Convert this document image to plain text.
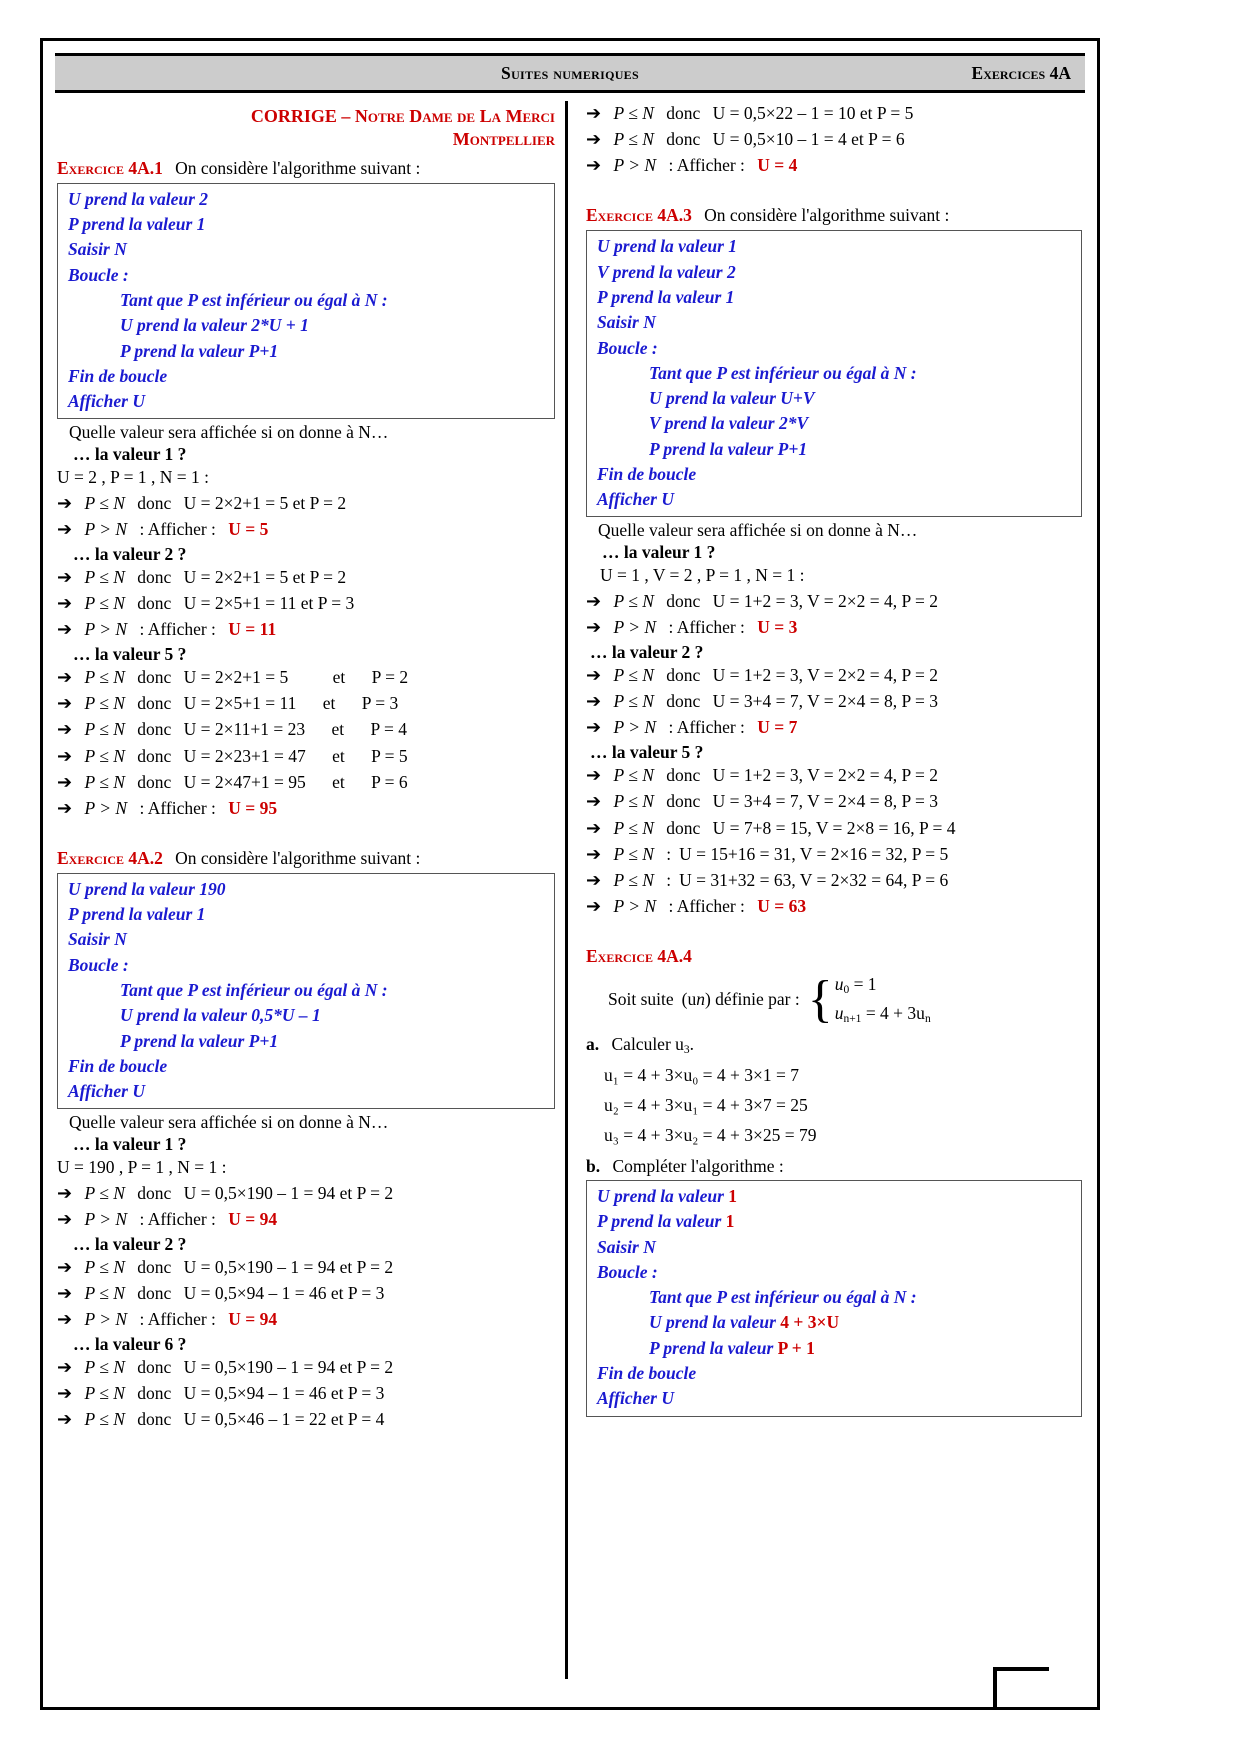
Suites numeriques	Exercices 4A
CORRIGE – Notre Dame de La Merci
Montpellier
Exercice 4A.1 On considère l'algorithme suivant :
U prend la valeur 2
P prend la valeur 1
Saisir N
Boucle :
Tant que P est inférieur ou égal à N :
U prend la valeur 2*U + 1
P prend la valeur P+1
Fin de boucle
Afficher U
Quelle valeur sera affichée si on donne à N…
… la valeur 1 ?
U = 2 , P = 1 , N = 1 :
➔ P ≤ N donc U = 2×2+1 = 5 et P = 2
➔ P > N : Afficher : U = 5
… la valeur 2 ?
➔ P ≤ N donc U = 2×2+1 = 5 et P = 2
➔ P ≤ N donc U = 2×5+1 = 11 et P = 3
➔ P > N : Afficher : U = 11
… la valeur 5 ?
➔ P ≤ N donc U = 2×2+1 = 5	et P = 2
➔ P ≤ N donc U = 2×5+1 = 11 et P = 3
➔ P ≤ N donc U = 2×11+1 = 23 et P = 4
➔ P ≤ N donc U = 2×23+1 = 47 et P = 5
➔ P ≤ N donc U = 2×47+1 = 95 et P = 6
➔ P > N : Afficher : U = 95
Exercice 4A.2 On considère l'algorithme suivant :
U prend la valeur 190
P prend la valeur 1
Saisir N
Boucle :
Tant que P est inférieur ou égal à N :
U prend la valeur 0,5*U – 1
P prend la valeur P+1
Fin de boucle
Afficher U
Quelle valeur sera affichée si on donne à N…
… la valeur 1 ?
U = 190 , P = 1 , N = 1 :
➔ P ≤ N donc U = 0,5×190 – 1 = 94 et P = 2
➔ P > N : Afficher : U = 94
… la valeur 2 ?
➔ P ≤ N donc U = 0,5×190 – 1 = 94 et P = 2
➔ P ≤ N donc U = 0,5×94 – 1 = 46 et P = 3
➔ P > N : Afficher : U = 94
… la valeur 6 ?
➔ P ≤ N donc U = 0,5×190 – 1 = 94 et P = 2
➔ P ≤ N donc U = 0,5×94 – 1 = 46 et P = 3
➔ P ≤ N donc U = 0,5×46 – 1 = 22 et P = 4
➔ P ≤ N donc U = 0,5×22 – 1 = 10 et P = 5
➔ P ≤ N donc U = 0,5×10 – 1 = 4 et P = 6
➔ P > N : Afficher : U = 4
Exercice 4A.3 On considère l'algorithme suivant :
U prend la valeur 1
V prend la valeur 2
P prend la valeur 1
Saisir N
Boucle :
Tant que P est inférieur ou égal à N :
U prend la valeur U+V
V prend la valeur 2*V
P prend la valeur P+1
Fin de boucle
Afficher U
Quelle valeur sera affichée si on donne à N…
… la valeur 1 ?
U = 1 , V = 2 , P = 1 , N = 1 :
➔ P ≤ N donc U = 1+2 = 3, V = 2×2 = 4, P = 2
➔ P > N : Afficher : U = 3
… la valeur 2 ?
➔ P ≤ N donc U = 1+2 = 3, V = 2×2 = 4, P = 2
➔ P ≤ N donc U = 3+4 = 7, V = 2×4 = 8, P = 3
➔ P > N : Afficher : U = 7
… la valeur 5 ?
➔ P ≤ N donc U = 1+2 = 3, V = 2×2 = 4, P = 2
➔ P ≤ N donc U = 3+4 = 7, V = 2×4 = 8, P = 3
➔ P ≤ N donc U = 7+8 = 15, V = 2×8 = 16, P = 4
➔ P ≤ N : U = 15+16 = 31, V = 2×16 = 32, P = 5
➔ P ≤ N : U = 31+32 = 63, V = 2×32 = 64, P = 6
➔ P > N : Afficher : U = 63
Exercice 4A.4
Soit suite (un) définie par : { $u_0 = 1$
$u_{n+1} = 4 + 3u_n$
a. Calculer $u_3$.
u₁ = 4 + 3×u₀ = 4 + 3×1 = 7
u₂ = 4 + 3×u₁ = 4 + 3×7 = 25
u₃ = 4 + 3×u₂ = 4 + 3×25 = 79
b. Compléter l'algorithme :
U prend la valeur 1
P prend la valeur 1
Saisir N
Boucle :
Tant que P est inférieur ou égal à N :
U prend la valeur 4 + 3×U
P prend la valeur P + 1
Fin de boucle
Afficher U
